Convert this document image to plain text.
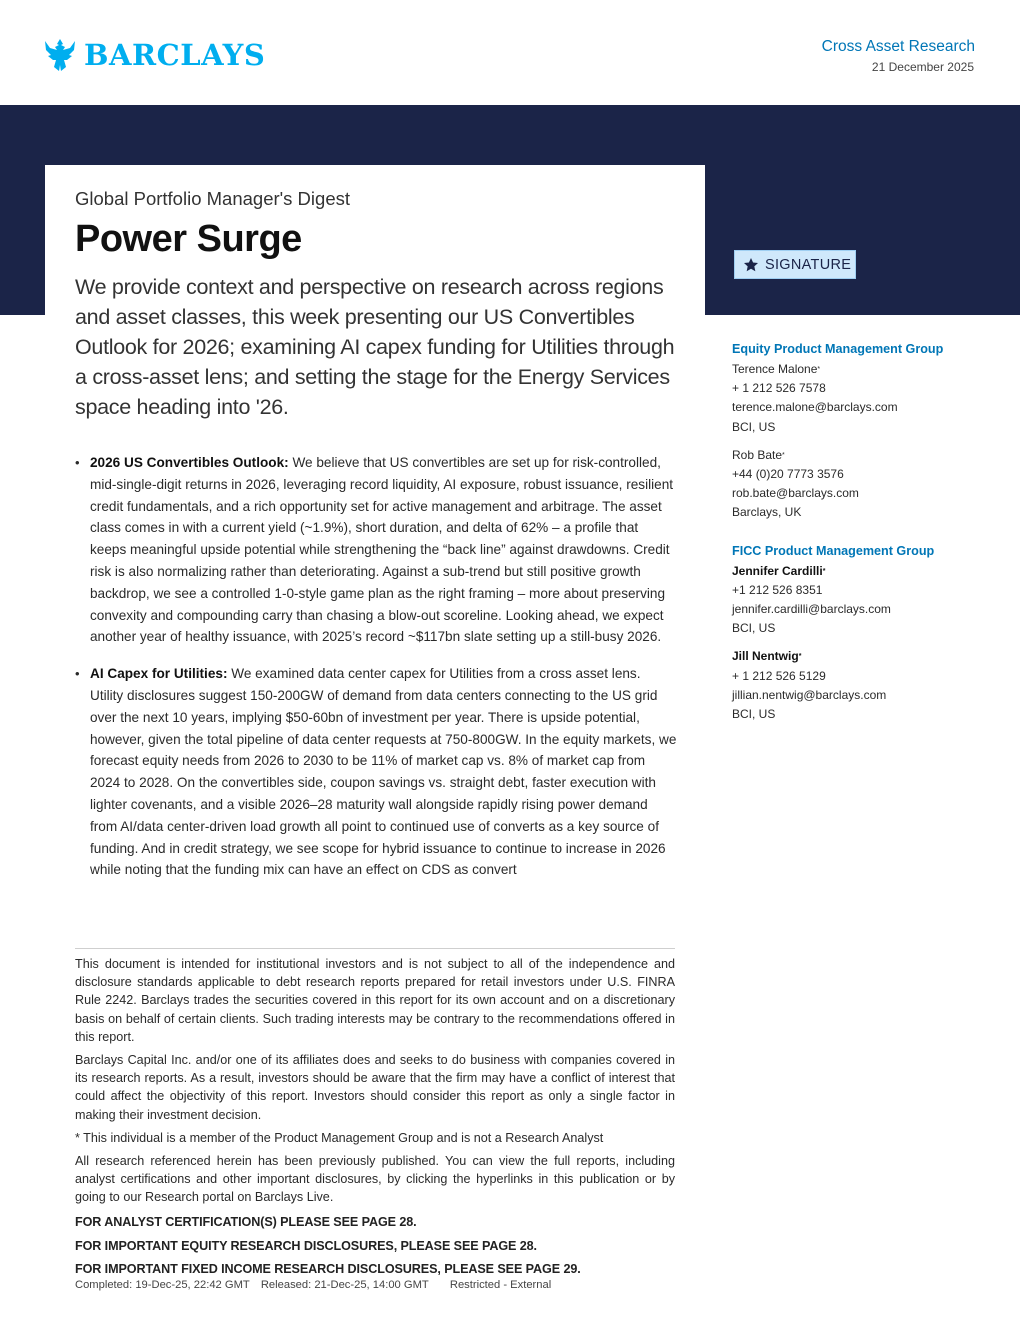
BARCLAYS	Cross Asset Research
21 December 2025
Global Portfolio Manager's Digest
Power Surge
We provide context and perspective on research across regions and asset classes, this week presenting our US Convertibles Outlook for 2026; examining AI capex funding for Utilities through a cross-asset lens; and setting the stage for the Energy Services space heading into '26.
SIGNATURE
• 2026 US Convertibles Outlook: We believe that US convertibles are set up for risk-controlled, mid-single-digit returns in 2026, leveraging record liquidity, AI exposure, robust issuance, resilient credit fundamentals, and a rich opportunity set for active management and arbitrage. The asset class comes in with a current yield (~1.9%), short duration, and delta of 62% – a profile that keeps meaningful upside potential while strengthening the “back line” against drawdowns. Credit risk is also normalizing rather than deteriorating. Against a sub-trend but still positive growth backdrop, we see a controlled 1-0-style game plan as the right framing – more about preserving convexity and compounding carry than chasing a blow-out scoreline. Looking ahead, we expect another year of healthy issuance, with 2025’s record ~$117bn slate setting up a still-busy 2026.
• AI Capex for Utilities: We examined data center capex for Utilities from a cross asset lens. Utility disclosures suggest 150-200GW of demand from data centers connecting to the US grid over the next 10 years, implying $50-60bn of investment per year. There is upside potential, however, given the total pipeline of data center requests at 750-800GW. In the equity markets, we forecast equity needs from 2026 to 2030 to be 11% of market cap vs. 8% of market cap from 2024 to 2028. On the convertibles side, coupon savings vs. straight debt, faster execution with lighter covenants, and a visible 2026–28 maturity wall alongside rapidly rising power demand from AI/data center-driven load growth all point to continued use of converts as a key source of funding. And in credit strategy, we see scope for hybrid issuance to continue to increase in 2026 while noting that the funding mix can have an effect on CDS as convert
Equity Product Management Group
Terence Malone*
+ 1 212 526 7578
terence.malone@barclays.com
BCI, US
Rob Bate*
+44 (0)20 7773 3576
rob.bate@barclays.com
Barclays, UK
FICC Product Management Group
Jennifer Cardilli*
+1 212 526 8351
jennifer.cardilli@barclays.com
BCI, US
Jill Nentwig*
+ 1 212 526 5129
jillian.nentwig@barclays.com
BCI, US

This document is intended for institutional investors and is not subject to all of the independence and disclosure standards applicable to debt research reports prepared for retail investors under U.S. FINRA Rule 2242. Barclays trades the securities covered in this report for its own account and on a discretionary basis on behalf of certain clients. Such trading interests may be contrary to the recommendations offered in this report.

Barclays Capital Inc. and/or one of its affiliates does and seeks to do business with companies covered in its research reports. As a result, investors should be aware that the firm may have a conflict of interest that could affect the objectivity of this report. Investors should consider this report as only a single factor in making their investment decision.

* This individual is a member of the Product Management Group and is not a Research Analyst

All research referenced herein has been previously published. You can view the full reports, including analyst certifications and other important disclosures, by clicking the hyperlinks in this publication or by going to our Research portal on Barclays Live.

FOR ANALYST CERTIFICATION(S) PLEASE SEE PAGE 28.
FOR IMPORTANT EQUITY RESEARCH DISCLOSURES, PLEASE SEE PAGE 28.
FOR IMPORTANT FIXED INCOME RESEARCH DISCLOSURES, PLEASE SEE PAGE 29.
Completed: 19-Dec-25, 22:42 GMT Released: 21-Dec-25, 14:00 GMT Restricted - External
